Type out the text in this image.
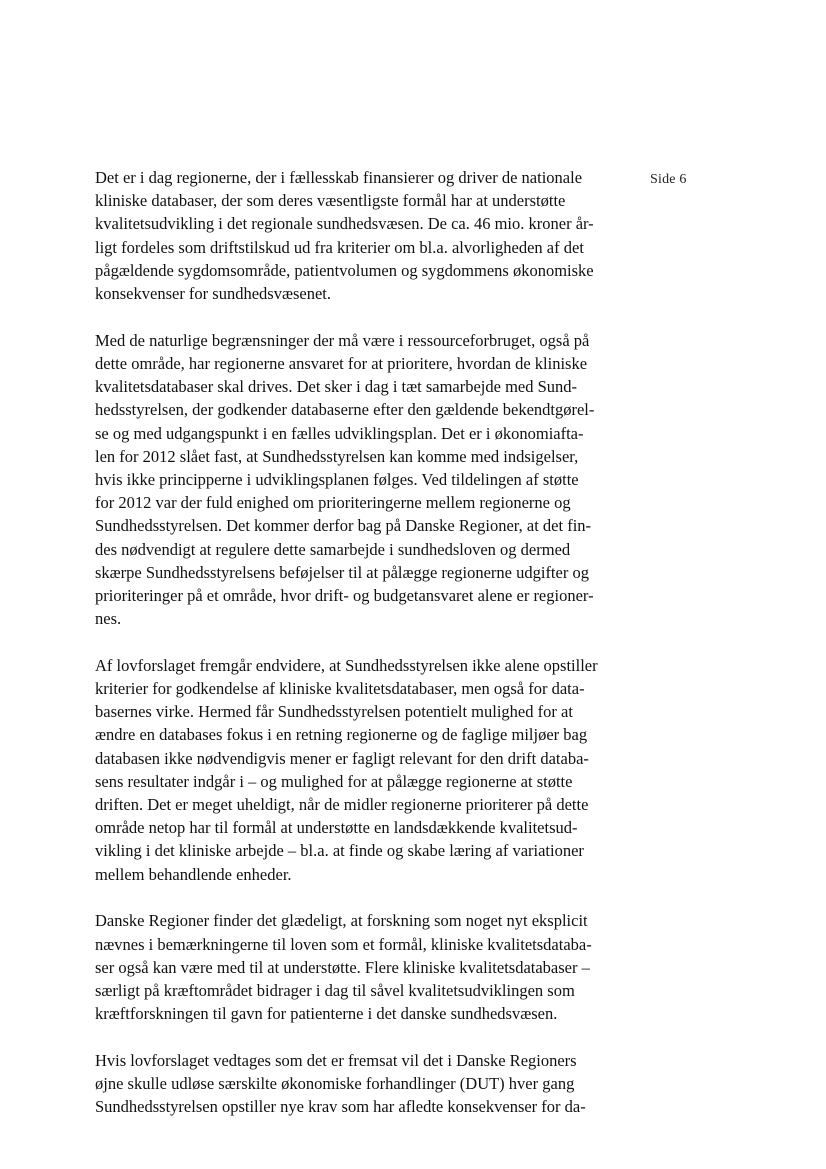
Side 6

Det er i dag regionerne, der i fællesskab finansierer og driver de nationale
kliniske databaser, der som deres væsentligste formål har at understøtte
kvalitetsudvikling i det regionale sundhedsvæsen. De ca. 46 mio. kroner år-
ligt fordeles som driftstilskud ud fra kriterier om bl.a. alvorligheden af det
pågældende sygdomsområde, patientvolumen og sygdommens økonomiske
konsekvenser for sundhedsvæsenet.

Med de naturlige begrænsninger der må være i ressourceforbruget, også på
dette område, har regionerne ansvaret for at prioritere, hvordan de kliniske
kvalitetsdatabaser skal drives. Det sker i dag i tæt samarbejde med Sund-
hedsstyrelsen, der godkender databaserne efter den gældende bekendtgørel-
se og med udgangspunkt i en fælles udviklingsplan. Det er i økonomiafta-
len for 2012 slået fast, at Sundhedsstyrelsen kan komme med indsigelser,
hvis ikke principperne i udviklingsplanen følges. Ved tildelingen af støtte
for 2012 var der fuld enighed om prioriteringerne mellem regionerne og
Sundhedsstyrelsen. Det kommer derfor bag på Danske Regioner, at det fin-
des nødvendigt at regulere dette samarbejde i sundhedsloven og dermed
skærpe Sundhedsstyrelsens beføjelser til at pålægge regionerne udgifter og
prioriteringer på et område, hvor drift- og budgetansvaret alene er regioner-
nes.

Af lovforslaget fremgår endvidere, at Sundhedsstyrelsen ikke alene opstiller
kriterier for godkendelse af kliniske kvalitetsdatabaser, men også for data-
basernes virke. Hermed får Sundhedsstyrelsen potentielt mulighed for at
ændre en databases fokus i en retning regionerne og de faglige miljøer bag
databasen ikke nødvendigvis mener er fagligt relevant for den drift databa-
sens resultater indgår i – og mulighed for at pålægge regionerne at støtte
driften. Det er meget uheldigt, når de midler regionerne prioriterer på dette
område netop har til formål at understøtte en landsdækkende kvalitetsud-
vikling i det kliniske arbejde – bl.a. at finde og skabe læring af variationer
mellem behandlende enheder.

Danske Regioner finder det glædeligt, at forskning som noget nyt eksplicit
nævnes i bemærkningerne til loven som et formål, kliniske kvalitetsdataba-
ser også kan være med til at understøtte. Flere kliniske kvalitetsdatabaser –
særligt på kræftområdet bidrager i dag til såvel kvalitetsudviklingen som
kræftforskningen til gavn for patienterne i det danske sundhedsvæsen.

Hvis lovforslaget vedtages som det er fremsat vil det i Danske Regioners
øjne skulle udløse særskilte økonomiske forhandlinger (DUT) hver gang
Sundhedsstyrelsen opstiller nye krav som har afledte konsekvenser for da-
